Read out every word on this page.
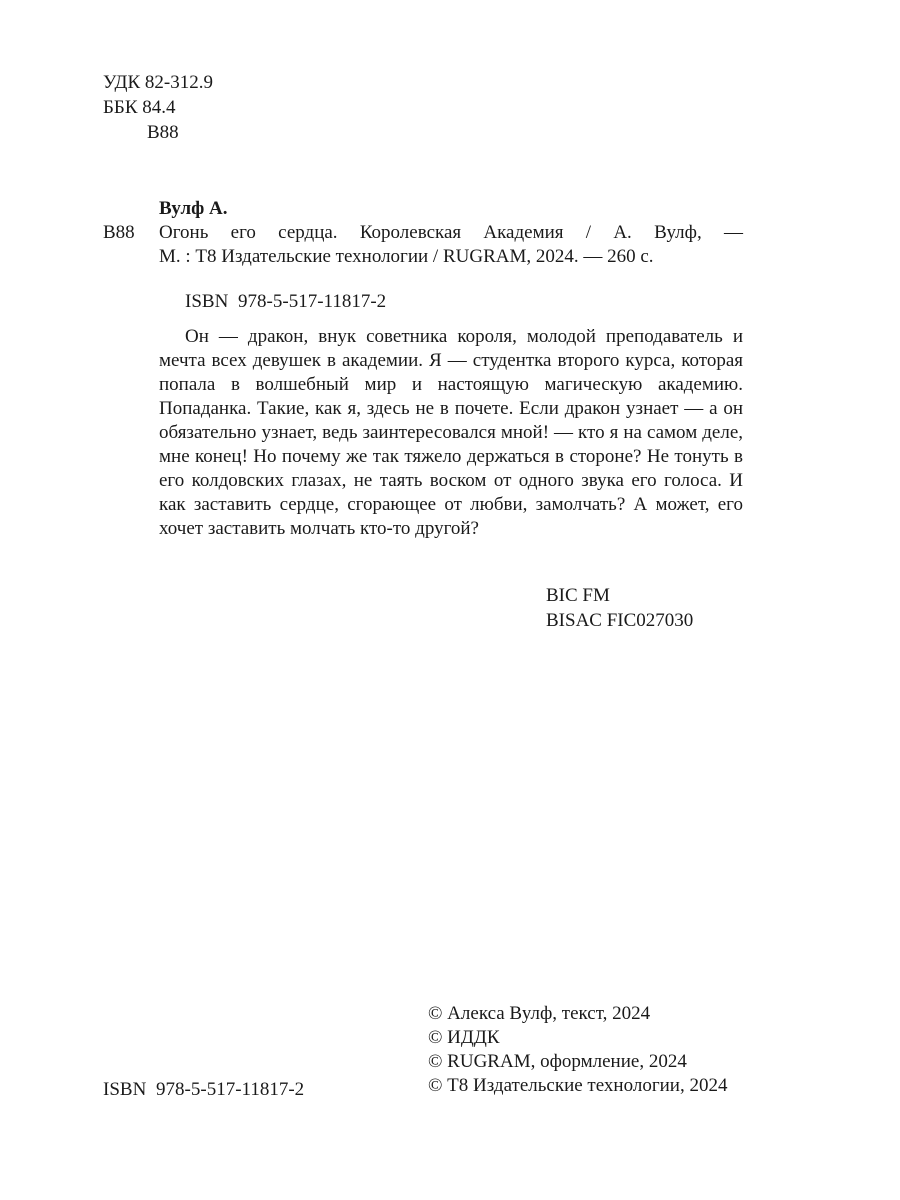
УДК 82-312.9
ББК 84.4
В88
Вулф А.
В88 Огонь его сердца. Королевская Академия / А. Вулф, —
М. : Т8 Издательские технологии / RUGRAM, 2024. — 260 с.
ISBN 978-5-517-11817-2

Он — дракон, внук советника короля, молодой преподаватель и мечта всех девушек в академии. Я — студентка второго курса, которая попала в волшебный мир и настоящую магическую академию. Попаданка. Такие, как я, здесь не в почете. Если дракон узнает — а он обязательно узнает, ведь заинтересовался мной! — кто я на самом деле, мне конец! Но почему же так тяжело держаться в стороне? Не тонуть в его колдовских глазах, не таять воском от одного звука его голоса. И как заставить сердце, сгорающее от любви, замолчать? А может, его хочет заставить молчать кто-то другой?

BIC FM
BISAC FIC027030
© Алекса Вулф, текст, 2024
© ИДДК
© RUGRAM, оформление, 2024
© Т8 Издательские технологии, 2024
ISBN 978-5-517-11817-2
